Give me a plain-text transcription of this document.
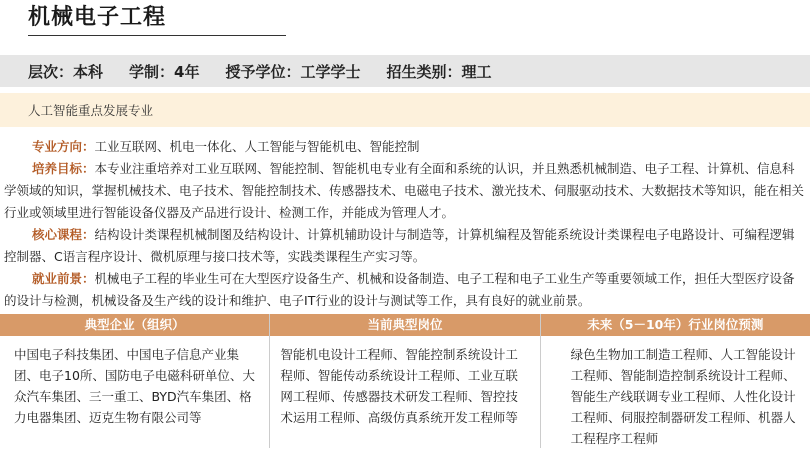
机械电子工程
层次：本科 学制：4年 授予学位：工学学士 招生类别：理工
人工智能重点发展专业

专业方向：工业互联网、机电一体化、人工智能与智能机电、智能控制

培养目标：本专业注重培养对工业互联网、智能控制、智能机电专业有全面和系统的认识，并且熟悉机械制造、电子工程、计算机、信息科学领域的知识，掌握机械技术、电子技术、智能控制技术、传感器技术、电磁电子技术、激光技术、伺服驱动技术、大数据技术等知识，能在相关行业或领域里进行智能设备仪器及产品进行设计、检测工作，并能成为管理人才。

核心课程：结构设计类课程机械制图及结构设计、计算机辅助设计与制造等，计算机编程及智能系统设计类课程电子电路设计、可编程逻辑控制器、C语言程序设计、微机原理与接口技术等，实践类课程生产实习等。

就业前景：机械电子工程的毕业生可在大型医疗设备生产、机械和设备制造、电子工程和电子工业生产等重要领域工作，担任大型医疗设备的设计与检测，机械设备及生产线的设计和维护、电子IT行业的设计与测试等工作，具有良好的就业前景。

典型企业（组织）
中国电子科技集团、中国电子信息产业集团、电子10所、国防电子电磁科研单位、大众汽车集团、三一重工、BYD汽车集团、格力电器集团、迈克生物有限公司等
当前典型岗位
智能机电设计工程师、智能控制系统设计工程师、智能传动系统设计工程师、工业互联网工程师、传感器技术研发工程师、智控技术运用工程师、高级仿真系统开发工程师等
未来（5－10年）行业岗位预测
绿色生物加工制造工程师、人工智能设计工程师、智能制造控制系统设计工程师、智能生产线联调专业工程师、人性化设计工程师、伺服控制器研发工程师、机器人工程程序工程师
